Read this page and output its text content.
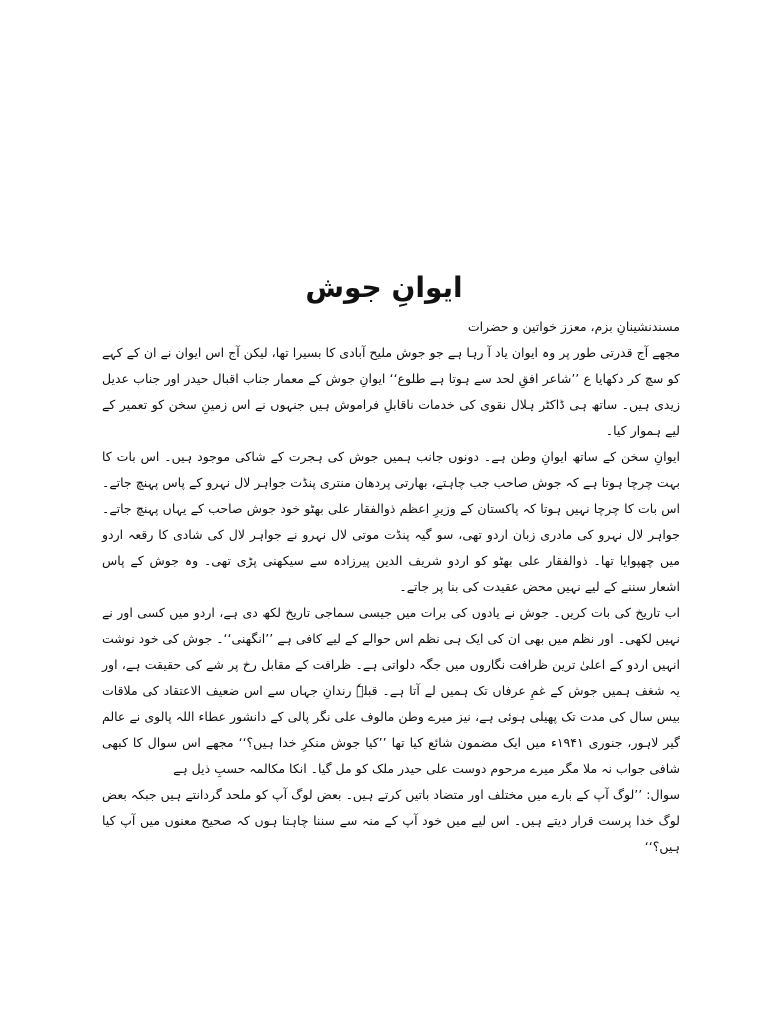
ایوانِ جوش

مسندنشینانِ بزم، معزز خواتین و حضرات

مجھے آج قدرتی طور پر وہ ایوان یاد آ رہا ہے جو جوش ملیح آبادی کا بسیرا تھا، لیکن آج اس ایوان نے ان کے کہے کو سچ کر دکھایا ع ’’شاعر افقِ لحد سے ہوتا ہے طلوع‘‘ ایوانِ جوش کے معمار جناب اقبال حیدر اور جناب عدیل زیدی ہیں۔ ساتھ ہی ڈاکٹر ہلال نقوی کی خدمات ناقابلِ فراموش ہیں جنہوں نے اس زمینِ سخن کو تعمیر کے لیے ہموار کیا۔

ایوانِ سخن کے ساتھ ایوانِ وطن ہے۔ دونوں جانب ہمیں جوش کی ہجرت کے شاکی موجود ہیں۔ اس بات کا بہت چرچا ہوتا ہے کہ جوش صاحب جب چاہتے، بھارتی پردھان منتری پنڈت جواہر لال نہرو کے پاس پہنچ جاتے۔ اس بات کا چرچا نہیں ہوتا کہ پاکستان کے وزیرِ اعظم ذوالفقار علی بھٹو خود جوش صاحب کے یہاں پہنچ جاتے۔ جواہر لال نہرو کی مادری زبان اردو تھی، سو گیہ پنڈت موتی لال نہرو نے جواہر لال کی شادی کا رقعہ اردو میں چھپوایا تھا۔ ذوالفقار علی بھٹو کو اردو شریف الدین پیرزادہ سے سیکھنی پڑی تھی۔ وہ جوش کے پاس اشعار سننے کے لیے نہیں محض عقیدت کی بنا پر جاتے۔

اب تاریخ کی بات کریں۔ جوش نے یادوں کی برات میں جیسی سماجی تاریخ لکھ دی ہے، اردو میں کسی اور نے نہیں لکھی۔ اور نظم میں بھی ان کی ایک ہی نظم اس حوالے کے لیے کافی ہے ’’انگھنی‘‘۔ جوش کی خود نوشت انہیں اردو کے اعلیٰ ترین ظرافت نگاروں میں جگہ دلواتی ہے۔ ظرافت کے مقابل رخ پر شے کی حقیقت ہے، اور یہ شغف ہمیں جوش کے غمِ عرفاں تک ہمیں لے آتا ہے۔ قبلہٗ رندانِ جہاں سے اس ضعیف الاعتقاد کی ملاقات بیس سال کی مدت تک پھیلی ہوئی ہے، نیز میرے وطن مالوف علی نگر پالی کے دانشور عطاء اللہ پالوی نے عالم گیر لاہور، جنوری ۱۹۴۱ء میں ایک مضمون شائع کیا تھا ’’کیا جوش منکرِ خدا ہیں؟‘‘ مجھے اس سوال کا کبھی شافی جواب نہ ملا مگر میرے مرحوم دوست علی حیدر ملک کو مل گیا۔ انکا مکالمہ حسبِ ذیل ہے

سوال: ’’لوگ آپ کے بارے میں مختلف اور متضاد باتیں کرتے ہیں۔ بعض لوگ آپ کو ملحد گردانتے ہیں جبکہ بعض لوگ خدا پرست قرار دیتے ہیں۔ اس لیے میں خود آپ کے منہ سے سننا چاہتا ہوں کہ صحیح معنوں میں آپ کیا ہیں؟‘‘
